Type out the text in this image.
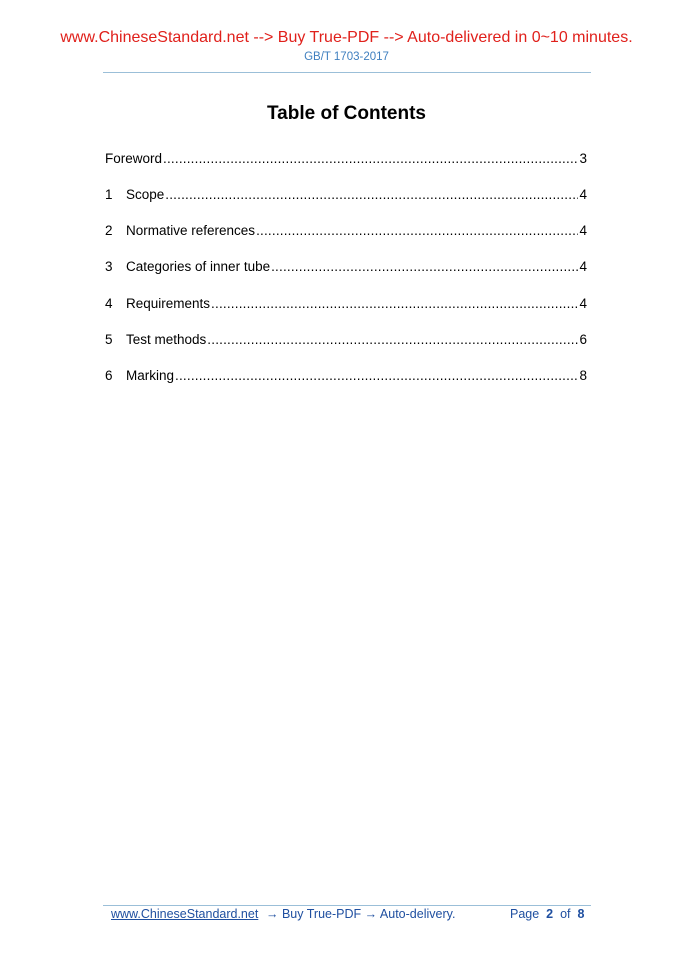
www.ChineseStandard.net --> Buy True-PDF --> Auto-delivered in 0~10 minutes.
GB/T 1703-2017
Table of Contents
Foreword .....	3
1 Scope .....	4
2 Normative references .....	4
3 Categories of inner tube .....	4
4 Requirements .....	4
5 Test methods .....	6
6 Marking .....	8
www.ChineseStandard.net → Buy True-PDF → Auto-delivery.	Page 2 of 8
